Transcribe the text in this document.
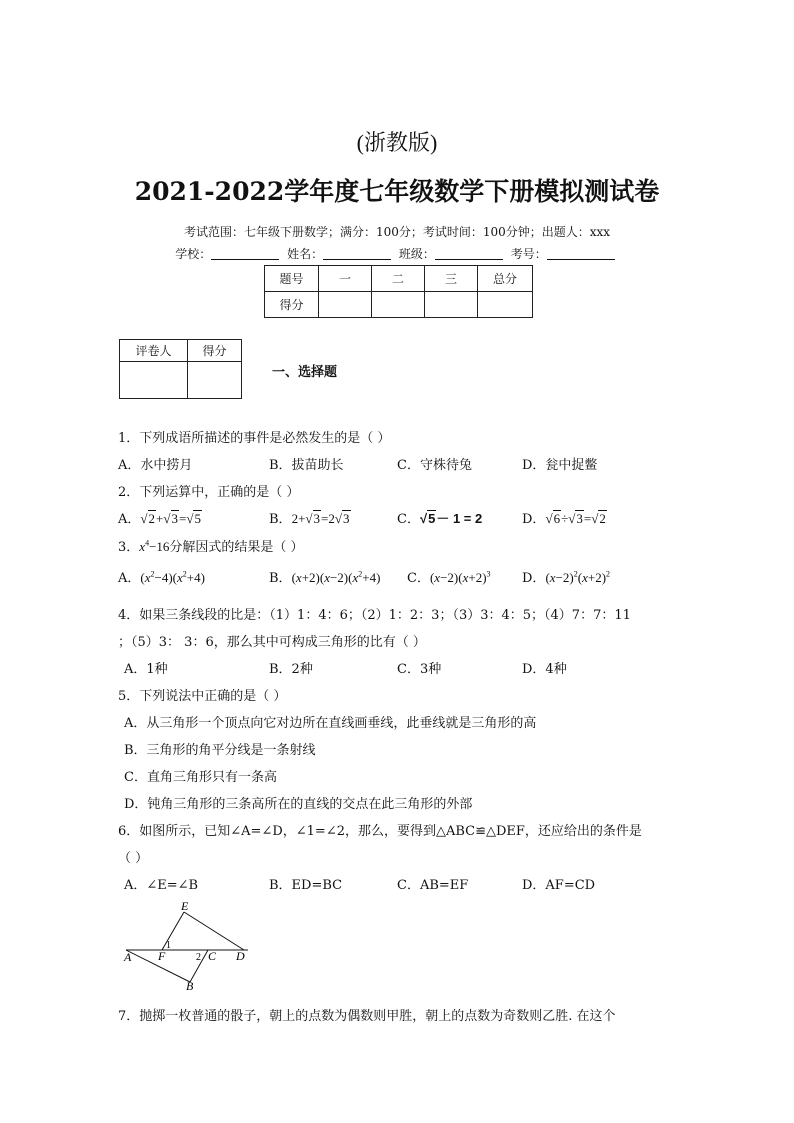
(浙教版)
2021-2022学年度七年级数学下册模拟测试卷
考试范围：七年级下册数学；满分：100分；考试时间：100分钟；出题人：xxx
学校：	姓名：	班级：	考号：
题号	一	二	三	总分
得分				
评卷人	得分

一、选择题
1．下列成语所描述的事件是必然发生的是（ ）
A．水中捞月	B．拔苗助长	C．守株待兔	D．瓮中捉鳖
2．下列运算中，正确的是（ ）
A．√2+√3=√5	B．2+√3=2√3	C．√5－ 1 = 2	D．√6÷√3=√2
3．$x^4-16$分解因式的结果是（ ）
A．$(x^2-4)(x^2+4)$	B．$(x+2)(x-2)(x^2+4)$ C．$(x-2)(x+2)^3$ D．$(x-2)^2(x+2)^2$
4．如果三条线段的比是：（1）1：4：6；（2）1：2：3；（3）3：4：5；（4）7：7：11
；（5）3： 3：6，那么其中可构成三角形的比有（ ）
A．1种	B．2种	C．3种	D．4种
5．下列说法中正确的是（ ）
A．从三角形一个顶点向它对边所在直线画垂线，此垂线就是三角形的高
B．三角形的角平分线是一条射线
C．直角三角形只有一条高
D．钝角三角形的三条高所在的直线的交点在此三角形的外部
6．如图所示，已知∠A=∠D，∠1=∠2，那么，要得到△ABC≌△DEF，还应给出的条件是
（ ）
A．∠E=∠B	B．ED=BC	C．AB=EF	D．AF=CD
E
A F
1
2 C D
B
7．抛掷一枚普通的骰子，朝上的点数为偶数则甲胜，朝上的点数为奇数则乙胜. 在这个
